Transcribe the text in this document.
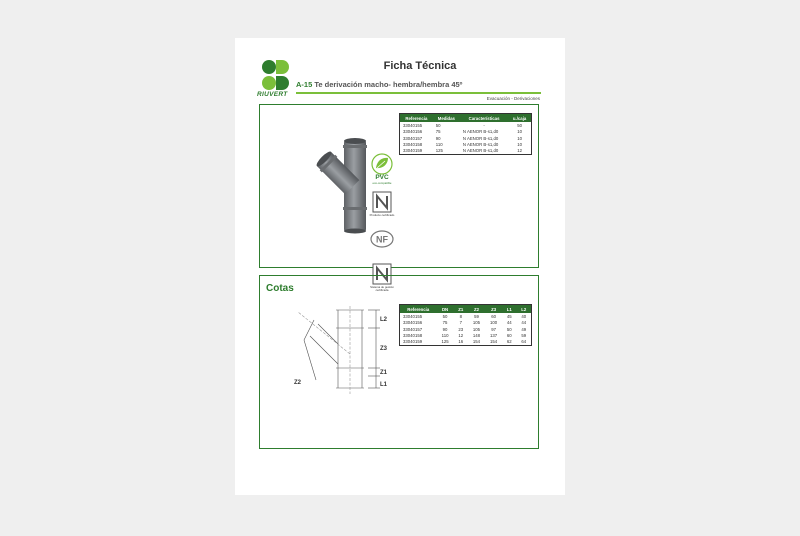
RIUVERT
Ficha Técnica
A-15 Te derivación macho- hembra/hembra 45º
Evacuación - Derivaciones
PVC
eco-compatible
Producto certificado
NF
Sistema de gestión certificada
Referencia	Medidas	Características	u./caja
33040155	50	-	50
33040156	75	N AENOR B-s1,d0	10
33040157	90	N AENOR B-s1,d0	10
33040158	110	N AENOR B-s1,d0	10
33040159	125	N AENOR B-s1,d0	12
Cotas
L2
Z3
Z1
L1
Z2
Referencia	DN	Z1	Z2	Z3	L1	L2
33040155	50	8	59	60	45	40
33040156	75	7	105	100	44	44
33040157	90	23	105	97	50	49
33040158	110	12	148	137	60	59
33040159	125	16	154	154	62	64
